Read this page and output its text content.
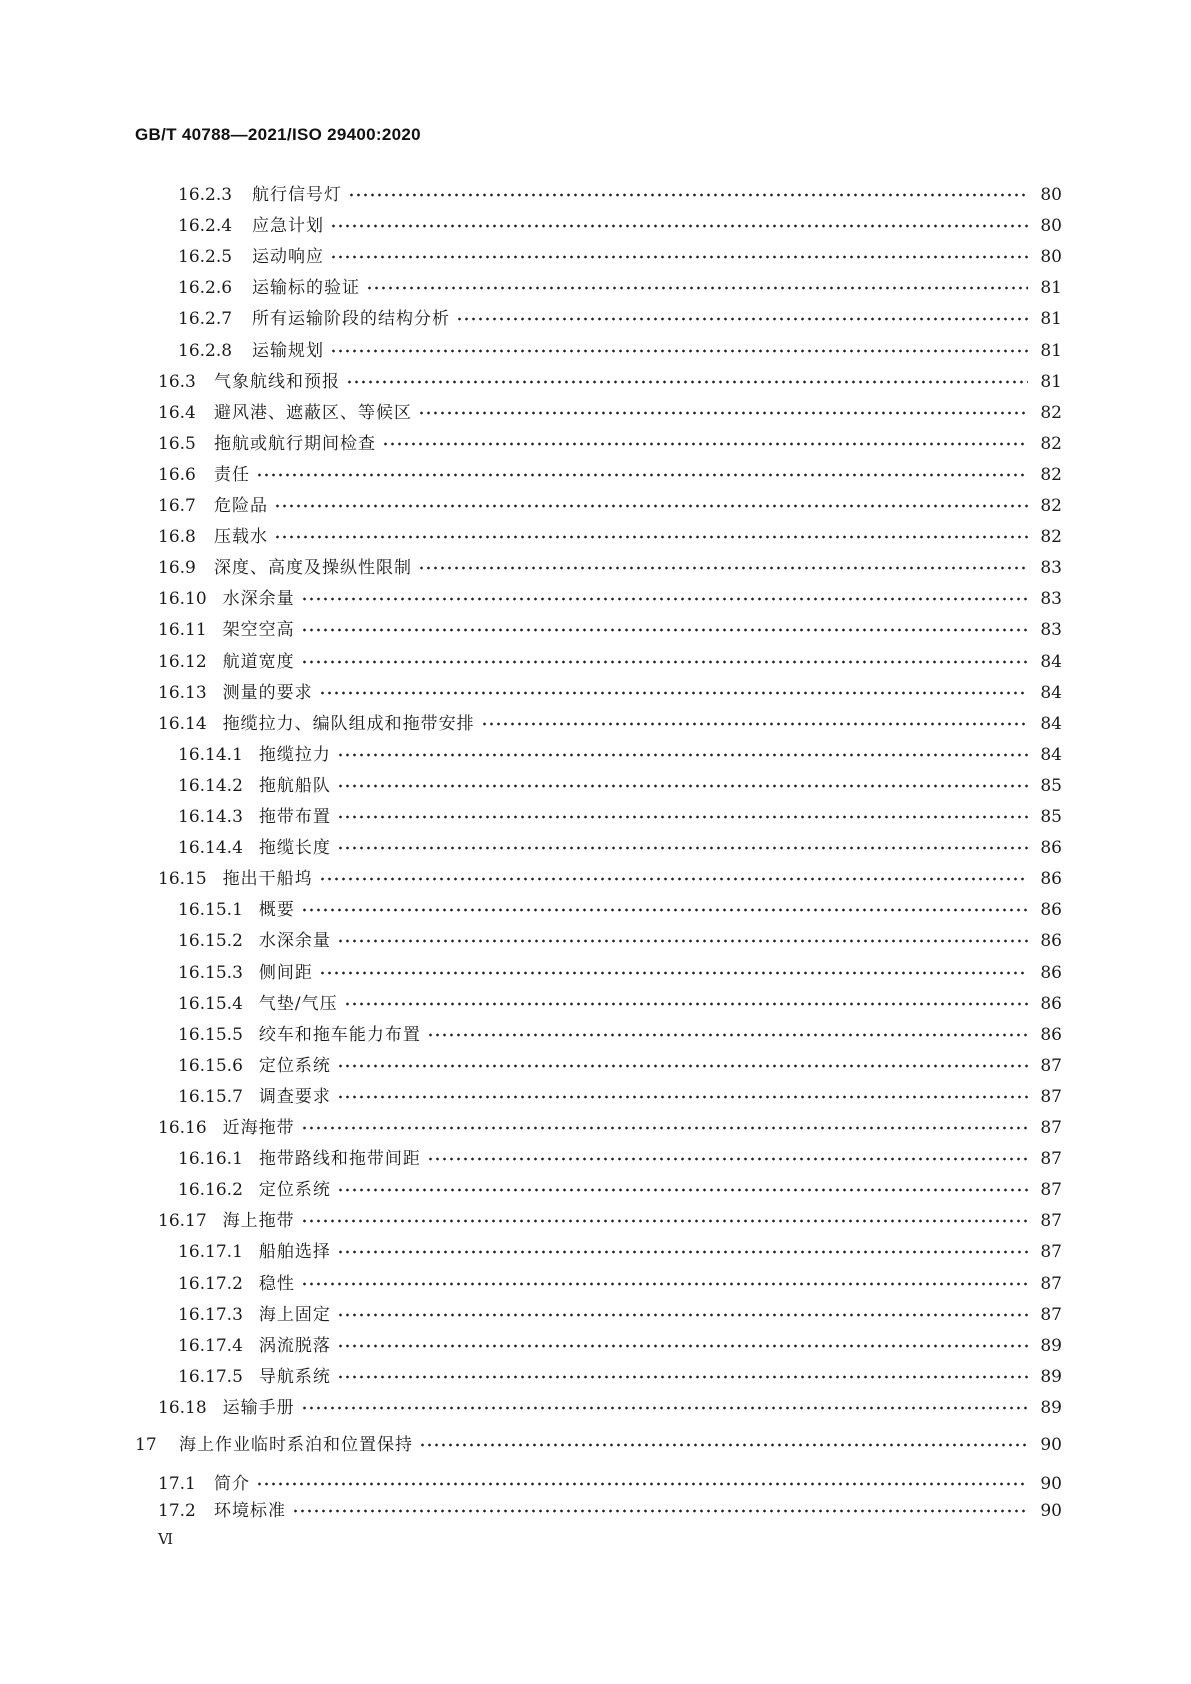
GB/T 40788—2021/ISO 29400:2020
16.2.3	航行信号灯	80
16.2.4	应急计划	80
16.2.5	运动响应	80
16.2.6	运输标的验证	81
16.2.7	所有运输阶段的结构分析	81
16.2.8	运输规划	81
16.3	气象航线和预报	81
16.4	避风港、遮蔽区、等候区	82
16.5	拖航或航行期间检查	82
16.6	责任	82
16.7	危险品	82
16.8	压载水	82
16.9	深度、高度及操纵性限制	83
16.10 水深余量	83
16.11 架空空高	83
16.12 航道宽度	84
16.13 测量的要求	84
16.14 拖缆拉力、编队组成和拖带安排	84
16.14.1 拖缆拉力	84
16.14.2 拖航船队	85
16.14.3 拖带布置	85
16.14.4 拖缆长度	86
16.15 拖出干船坞	86
16.15.1 概要	86
16.15.2 水深余量	86
16.15.3 侧间距	86
16.15.4 气垫/气压	86
16.15.5 绞车和拖车能力布置	86
16.15.6 定位系统	87
16.15.7 调查要求	87
16.16 近海拖带	87
16.16.1 拖带路线和拖带间距	87
16.16.2 定位系统	87
16.17 海上拖带	87
16.17.1 船舶选择	87
16.17.2 稳性	87
16.17.3 海上固定	87
16.17.4 涡流脱落	89
16.17.5 导航系统	89
16.18 运输手册	89
17	海上作业临时系泊和位置保持	90
17.1	简介	90
17.2	环境标准	90
Ⅵ
